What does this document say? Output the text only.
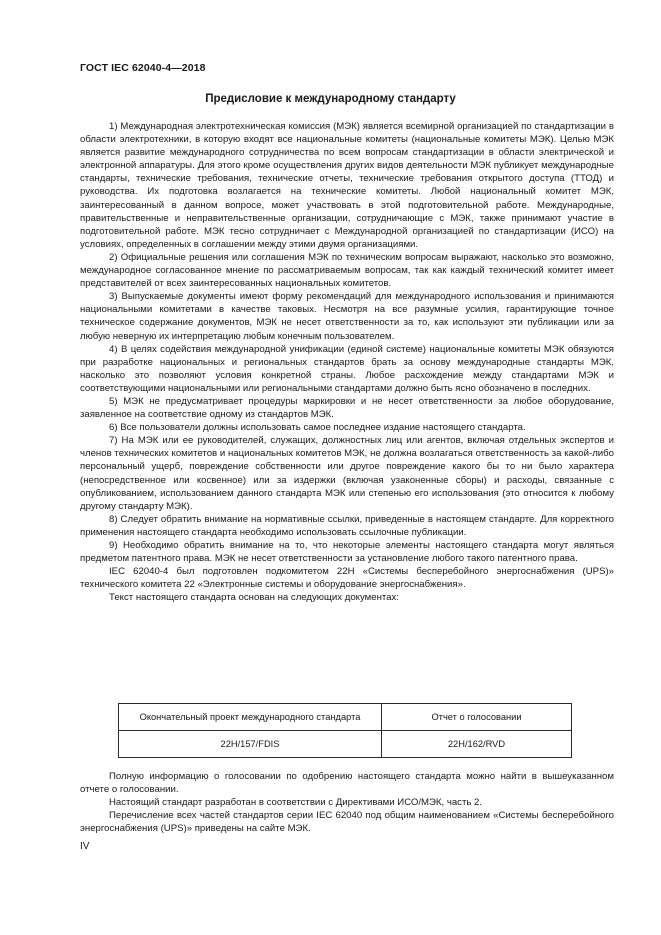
ГОСТ IEC 62040-4—2018
Предисловие к международному стандарту

1) Международная электротехническая комиссия (МЭК) является всемирной организацией по стандартизации в области электротехники, в которую входят все национальные комитеты (национальные комитеты МЭК). Целью МЭК является развитие международного сотрудничества по всем вопросам стандартизации в области электрической и электронной аппаратуры. Для этого кроме осуществления других видов деятельности МЭК публикует международные стандарты, технические требования, технические отчеты, технические требования открытого доступа (ТТОД) и руководства. Их подготовка возлагается на технические комитеты. Любой национальный комитет МЭК, заинтересованный в данном вопросе, может участвовать в этой подготовительной работе. Международные, правительственные и неправительственные организации, сотрудничающие с МЭК, также принимают участие в подготовительной работе. МЭК тесно сотрудничает с Международной организацией по стандартизации (ИСО) на условиях, определенных в соглашении между этими двумя организациями.

2) Официальные решения или соглашения МЭК по техническим вопросам выражают, насколько это возможно, международное согласованное мнение по рассматриваемым вопросам, так как каждый технический комитет имеет представителей от всех заинтересованных национальных комитетов.

3) Выпускаемые документы имеют форму рекомендаций для международного использования и принимаются национальными комитетами в качестве таковых. Несмотря на все разумные усилия, гарантирующие точное техническое содержание документов, МЭК не несет ответственности за то, как используют эти публикации или за любую неверную их интерпретацию любым конечным пользователем.

4) В целях содействия международной унификации (единой системе) национальные комитеты МЭК обязуются при разработке национальных и региональных стандартов брать за основу международные стандарты МЭК, насколько это позволяют условия конкретной страны. Любое расхождение между стандартами МЭК и соответствующими национальными или региональными стандартами должно быть ясно обозначено в последних.

5) МЭК не предусматривает процедуры маркировки и не несет ответственности за любое оборудование, заявленное на соответствие одному из стандартов МЭК.

6) Все пользователи должны использовать самое последнее издание настоящего стандарта.

7) На МЭК или ее руководителей, служащих, должностных лиц или агентов, включая отдельных экспертов и членов технических комитетов и национальных комитетов МЭК, не должна возлагаться ответственность за какой-либо персональный ущерб, повреждение собственности или другое повреждение какого бы то ни было характера (непосредственное или косвенное) или за издержки (включая узаконенные сборы) и расходы, связанные с опубликованием, использованием данного стандарта МЭК или степенью его использования (это относится к любому другому стандарту МЭК).

8) Следует обратить внимание на нормативные ссылки, приведенные в настоящем стандарте. Для корректного применения настоящего стандарта необходимо использовать ссылочные публикации.

9) Необходимо обратить внимание на то, что некоторые элементы настоящего стандарта могут являться предметом патентного права. МЭК не несет ответственности за установление любого такого патентного права.

IEC 62040-4 был подготовлен подкомитетом 22H «Системы бесперебойного энергоснабжения (UPS)» технического комитета 22 «Электронные системы и оборудование энергоснабжения».

Текст настоящего стандарта основан на следующих документах:

Окончательный проект международного стандарта	Отчет о голосовании
22H/157/FDIS	22H/162/RVD

Полную информацию о голосовании по одобрению настоящего стандарта можно найти в вышеуказанном отчете о голосовании.

Настоящий стандарт разработан в соответствии с Директивами ИСО/МЭК, часть 2.

Перечисление всех частей стандартов серии IEC 62040 под общим наименованием «Системы бесперебойного энергоснабжения (UPS)» приведены на сайте МЭК.

IV
